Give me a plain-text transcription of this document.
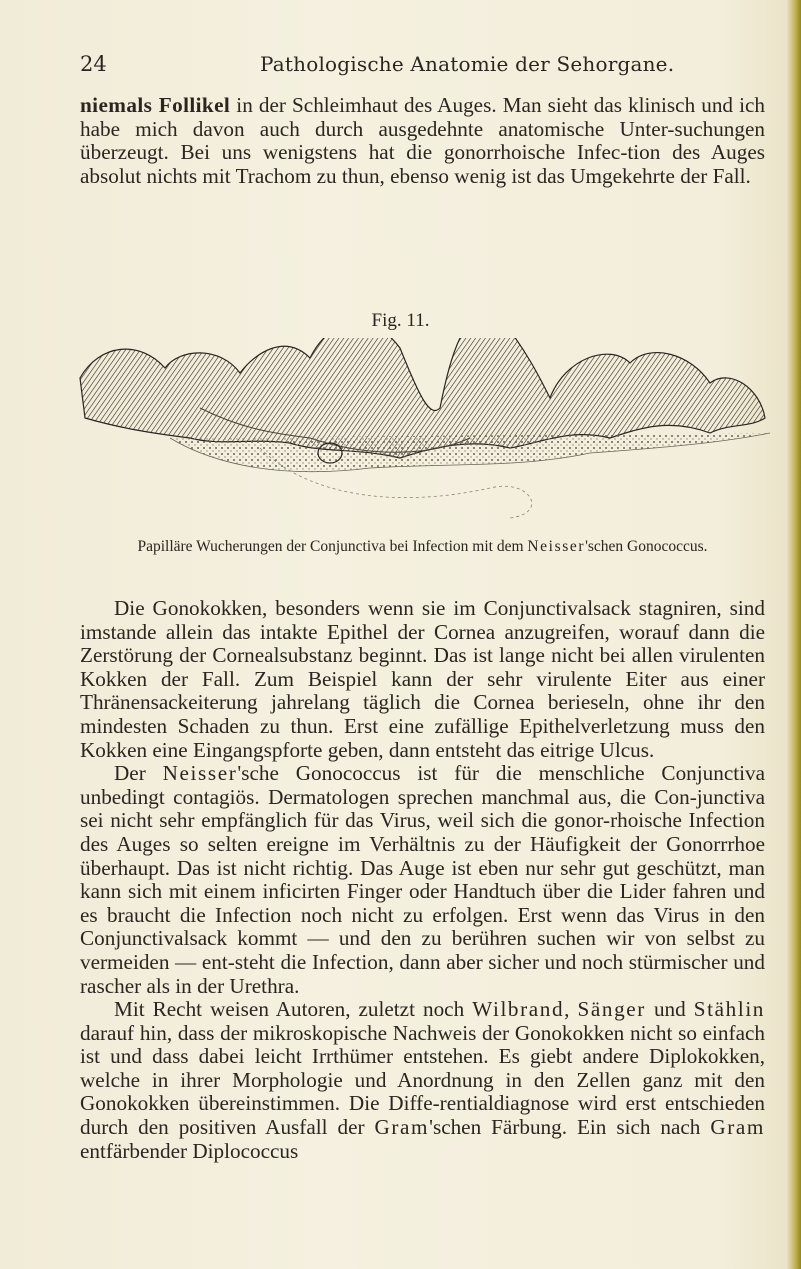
24	Pathologische Anatomie der Sehorgane.

niemals Follikel in der Schleimhaut des Auges. Man sieht das klinisch und ich habe mich davon auch durch ausgedehnte anatomische Unter-suchungen überzeugt. Bei uns wenigstens hat die gonorrhoische Infec-tion des Auges absolut nichts mit Trachom zu thun, ebenso wenig ist das Umgekehrte der Fall.

Fig. 11.
Papilläre Wucherungen der Conjunctiva bei Infection mit dem Neisser'schen Gonococcus.

Die Gonokokken, besonders wenn sie im Conjunctivalsack stagniren, sind imstande allein das intakte Epithel der Cornea anzugreifen, worauf dann die Zerstörung der Cornealsubstanz beginnt. Das ist lange nicht bei allen virulenten Kokken der Fall. Zum Beispiel kann der sehr virulente Eiter aus einer Thränensackeiterung jahrelang täglich die Cornea berieseln, ohne ihr den mindesten Schaden zu thun. Erst eine zufällige Epithelverletzung muss den Kokken eine Eingangspforte geben, dann entsteht das eitrige Ulcus.

Der Neisser'sche Gonococcus ist für die menschliche Conjunctiva unbedingt contagiös. Dermatologen sprechen manchmal aus, die Con-junctiva sei nicht sehr empfänglich für das Virus, weil sich die gonor-rhoische Infection des Auges so selten ereigne im Verhältnis zu der Häufigkeit der Gonorrrhoe überhaupt. Das ist nicht richtig. Das Auge ist eben nur sehr gut geschützt, man kann sich mit einem inficirten Finger oder Handtuch über die Lider fahren und es braucht die Infection noch nicht zu erfolgen. Erst wenn das Virus in den Conjunctivalsack kommt — und den zu berühren suchen wir von selbst zu vermeiden — ent-steht die Infection, dann aber sicher und noch stürmischer und rascher als in der Urethra.

Mit Recht weisen Autoren, zuletzt noch Wilbrand, Sänger und Stählin darauf hin, dass der mikroskopische Nachweis der Gonokokken nicht so einfach ist und dass dabei leicht Irrthümer entstehen. Es giebt andere Diplokokken, welche in ihrer Morphologie und Anordnung in den Zellen ganz mit den Gonokokken übereinstimmen. Die Diffe-rentialdiagnose wird erst entschieden durch den positiven Ausfall der Gram'schen Färbung. Ein sich nach Gram entfärbender Diplococcus
